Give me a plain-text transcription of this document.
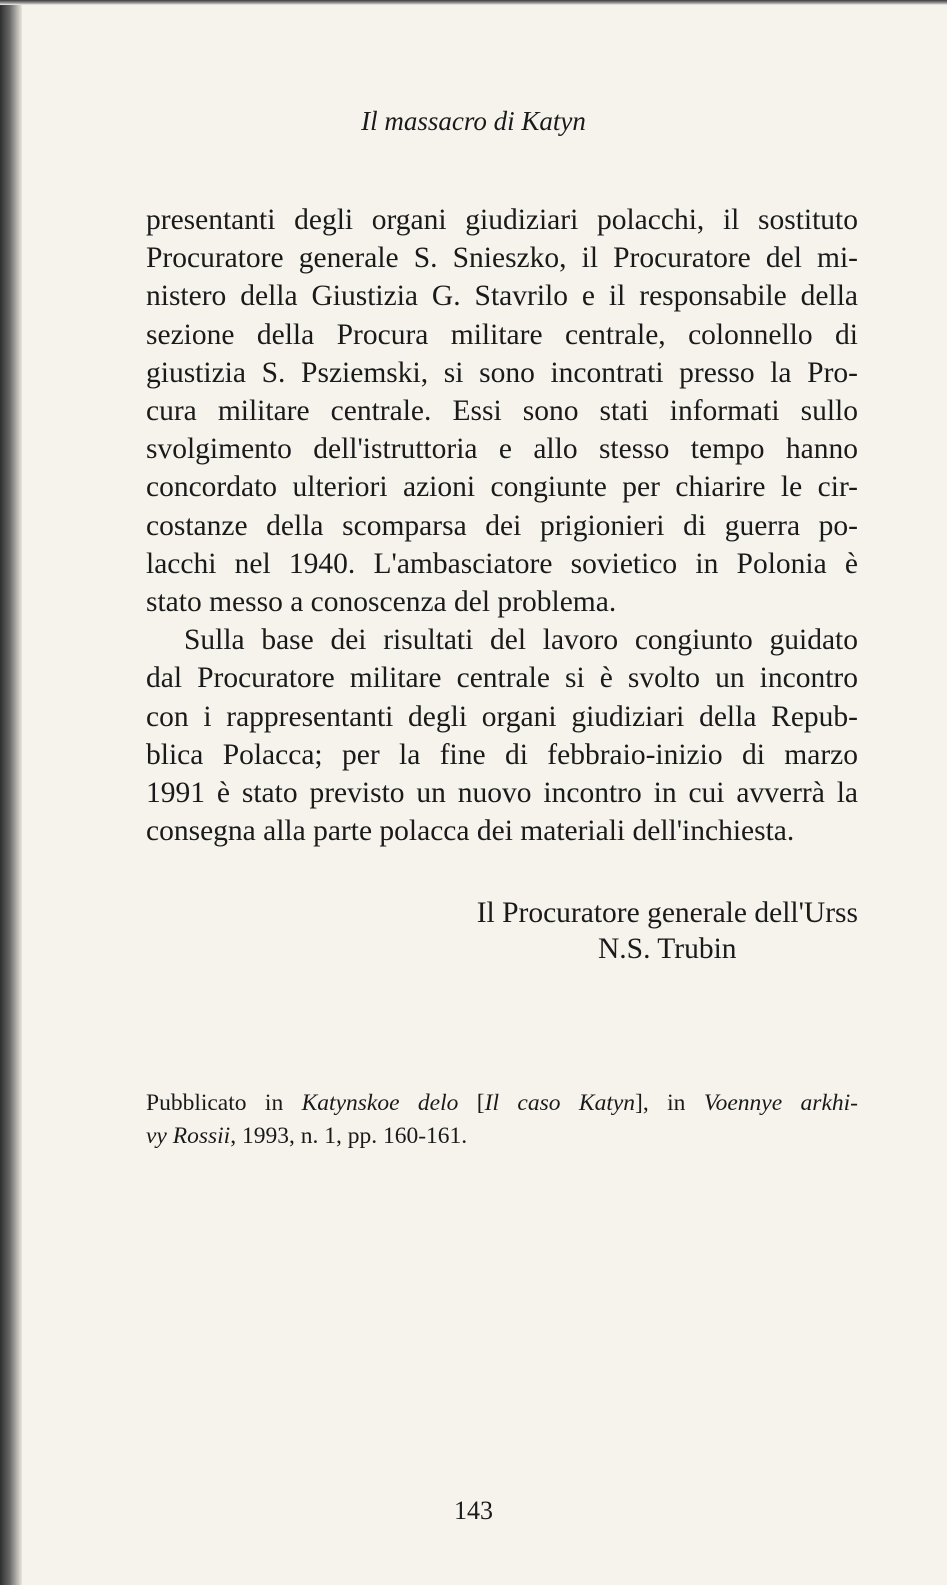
Il massacro di Katyn

presentanti degli organi giudiziari polacchi, il sostituto
Procuratore generale S. Snieszko, il Procuratore del mi-
nistero della Giustizia G. Stavrilo e il responsabile della
sezione della Procura militare centrale, colonnello di
giustizia S. Psziemski, si sono incontrati presso la Pro-
cura militare centrale. Essi sono stati informati sullo
svolgimento dell'istruttoria e allo stesso tempo hanno
concordato ulteriori azioni congiunte per chiarire le cir-
costanze della scomparsa dei prigionieri di guerra po-
lacchi nel 1940. L'ambasciatore sovietico in Polonia è
stato messo a conoscenza del problema.

Sulla base dei risultati del lavoro congiunto guidato
dal Procuratore militare centrale si è svolto un incontro
con i rappresentanti degli organi giudiziari della Repub-
blica Polacca; per la fine di febbraio-inizio di marzo
1991 è stato previsto un nuovo incontro in cui avverrà la
consegna alla parte polacca dei materiali dell'inchiesta.

Il Procuratore generale dell'Urss
N.S. Trubin
Pubblicato in Katynskoe delo [Il caso Katyn], in Voennye arkhi-
vy Rossii, 1993, n. 1, pp. 160-161.
143
